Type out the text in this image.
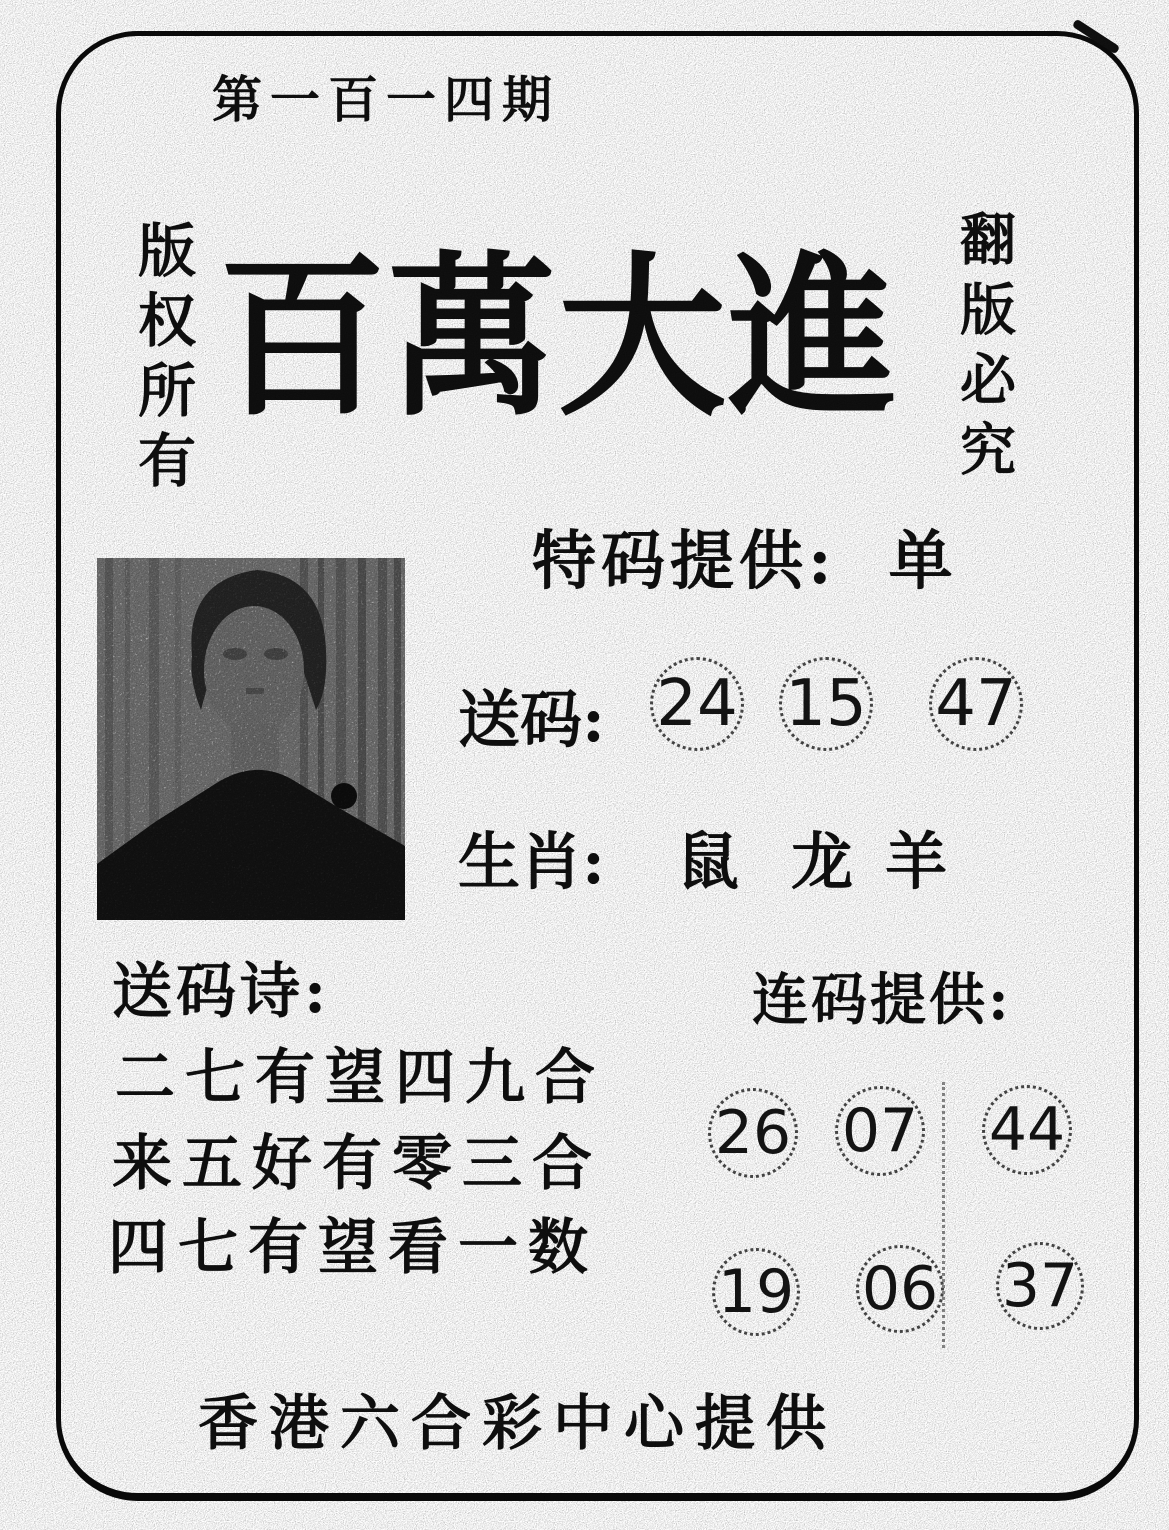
第一百一四期
版权所有 百萬大進 翻版必究
特码提供: 单
送码: 24 15 47
生肖: 鼠 龙 羊
送码诗:
二七有望四九合
来五好有零三合
四七有望看一数
连码提供:
26 07 44
19 06 37
香港六合彩中心提供
